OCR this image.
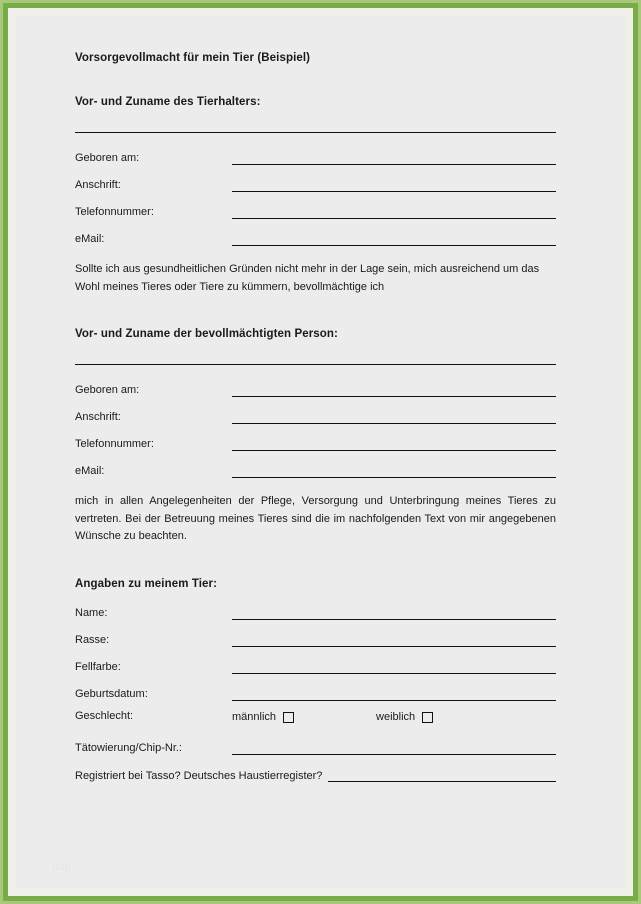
Vorsorgevollmacht für mein Tier (Beispiel)
Vor- und Zuname des Tierhalters:
Geboren am:
Anschrift:
Telefonnummer:
eMail:

Sollte ich aus gesundheitlichen Gründen nicht mehr in der Lage sein, mich ausreichend um das Wohl meines Tieres oder Tiere zu kümmern, bevollmächtige ich

Vor- und Zuname der bevollmächtigten Person:
Geboren am:
Anschrift:
Telefonnummer:
eMail:

mich in allen Angelegenheiten der Pflege, Versorgung und Unterbringung meines Tieres zu vertreten. Bei der Betreuung meines Tieres sind die im nachfolgenden Text von mir angegebenen Wünsche zu beachten.

Angaben zu meinem Tier:
Name:
Rasse:
Fellfarbe:
Geburtsdatum:
Geschlecht:	männlich	weiblich
Tätowierung/Chip-Nr.:
Registriert bei Tasso? Deutsches Haustierregister?
http
